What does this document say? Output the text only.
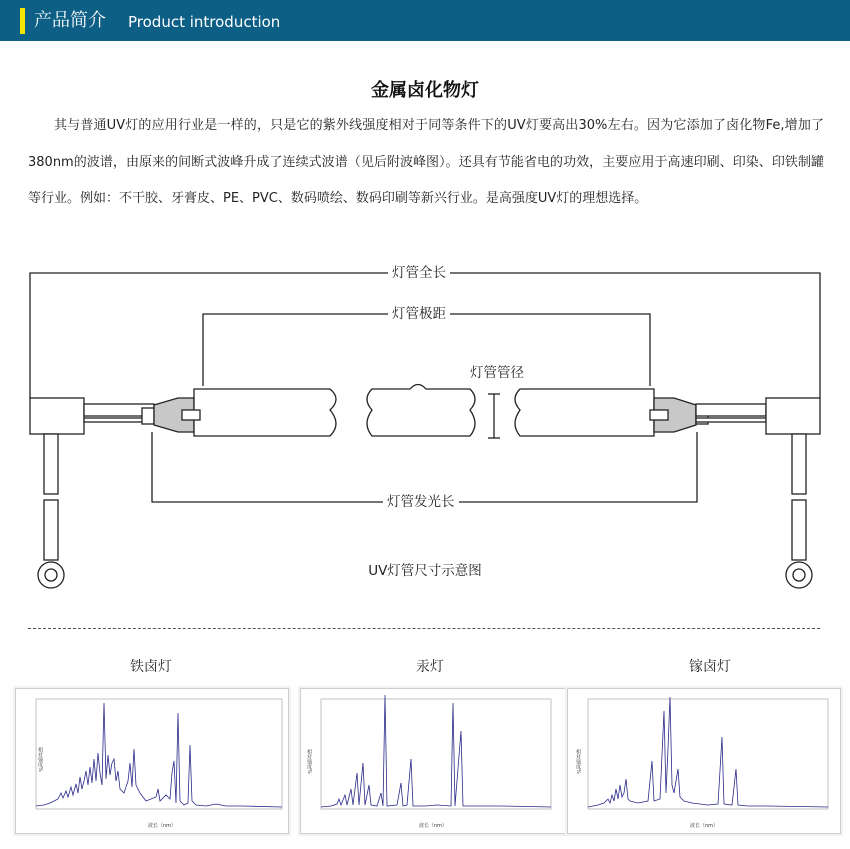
产品简介 Product introduction
金属卤化物灯

其与普通UV灯的应用行业是一样的，只是它的紫外线强度相对于同等条件下的UV灯要高出30%左右。因为它添加了卤化物Fe,增加了380nm的波谱，由原来的间断式波峰升成了连续式波谱（见后附波峰图）。还具有节能省电的功效，主要应用于高速印刷、印染、印铁制罐等行业。例如：不干胶、牙膏皮、PE、PVC、数码喷绘、数码印刷等新兴行业。是高强度UV灯的理想选择。

灯管全长
灯管极距
灯管管径
灯管发光长
UV灯管尺寸示意图
铁卤灯	汞灯	镓卤灯
相对强度%
波长（nm）
相对强度%
波长（nm）
相对强度%
波长（nm）
